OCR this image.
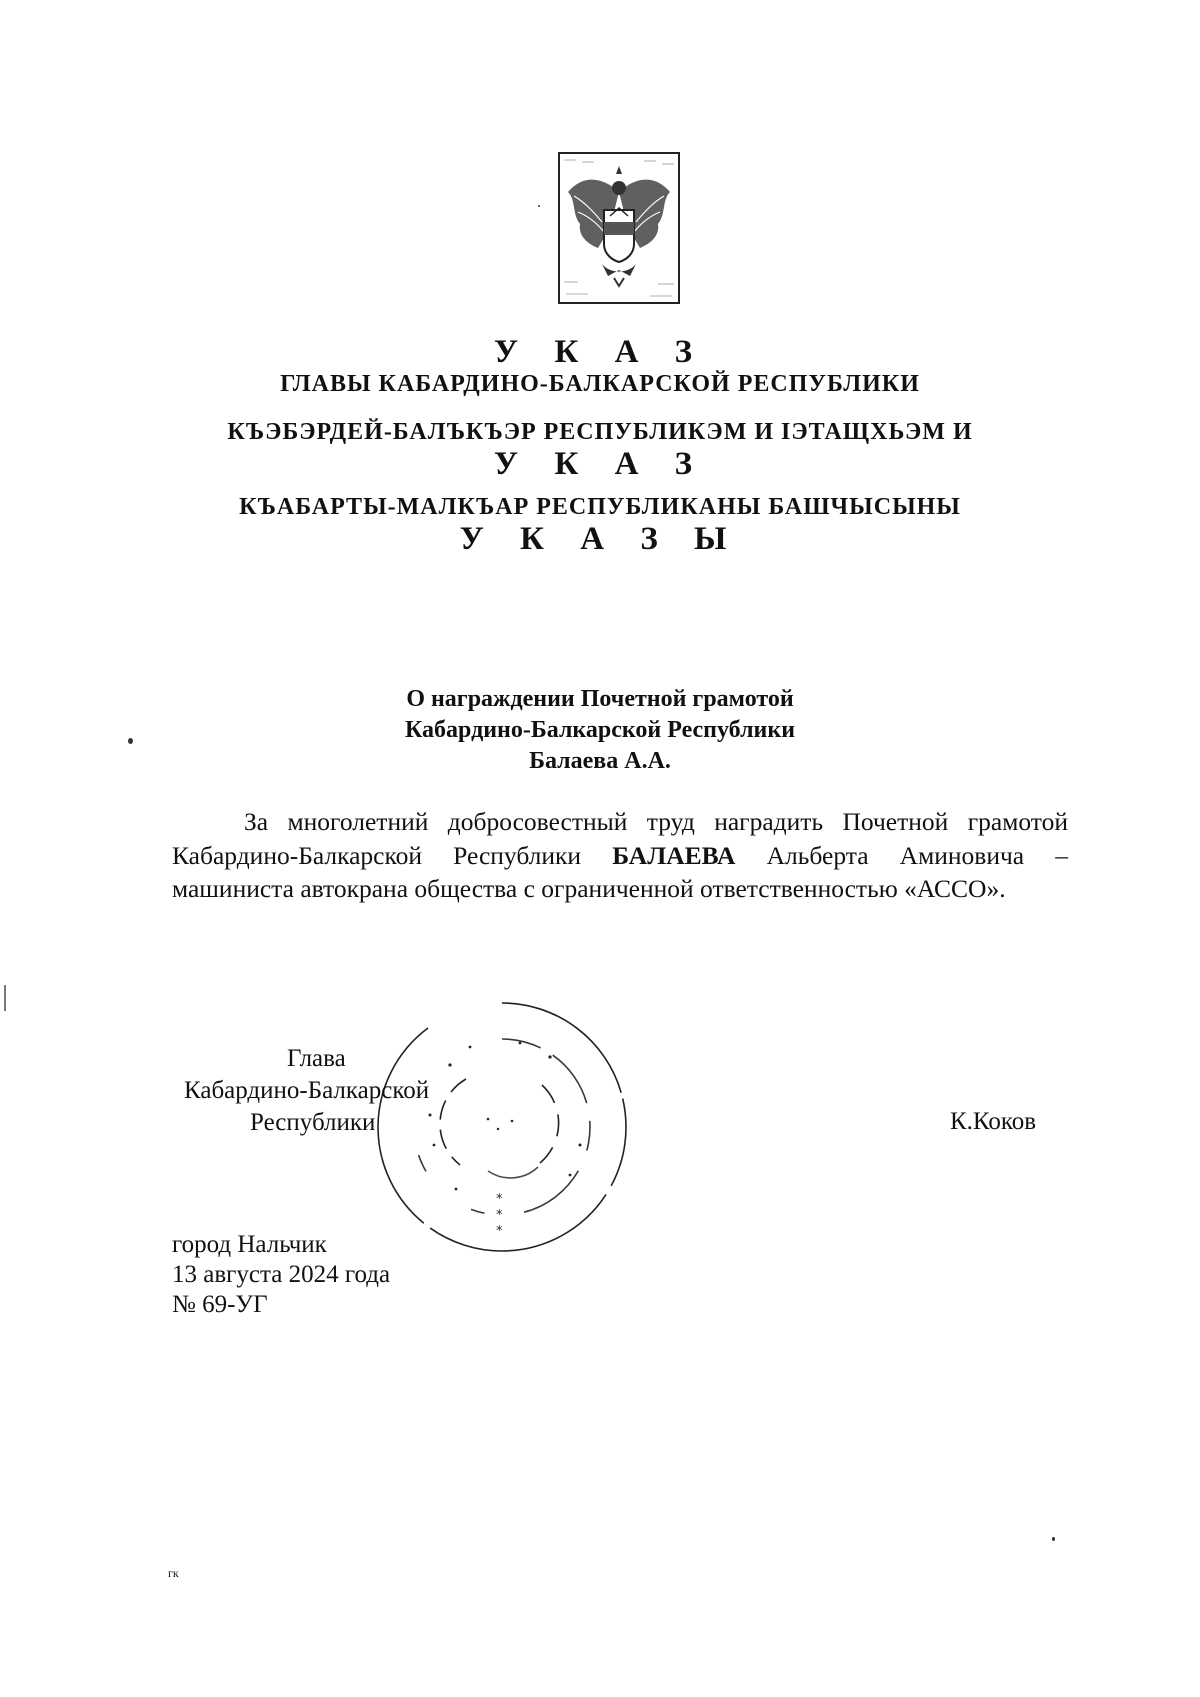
У К А З
ГЛАВЫ КАБАРДИНО-БАЛКАРСКОЙ РЕСПУБЛИКИ
КЪЭБЭРДЕЙ-БАЛЪКЪЭР РЕСПУБЛИКЭМ И ІЭТАЩХЬЭМ И
У К А З
КЪАБАРТЫ-МАЛКЪАР РЕСПУБЛИКАНЫ БАШЧЫСЫНЫ
У К А З Ы
О награждении Почетной грамотой
Кабардино-Балкарской Республики
Балаева А.А.
За многолетний добросовестный труд наградить Почетной грамотой Кабардино-Балкарской Республики БАЛАЕВА Альберта Аминовича – машиниста автокрана общества с ограниченной ответственностью «АССО».
*
*
*
Глава
Кабардино-Балкарской
Республики	К.Коков
город Нальчик
13 августа 2024 года
№ 69-УГ
гк
